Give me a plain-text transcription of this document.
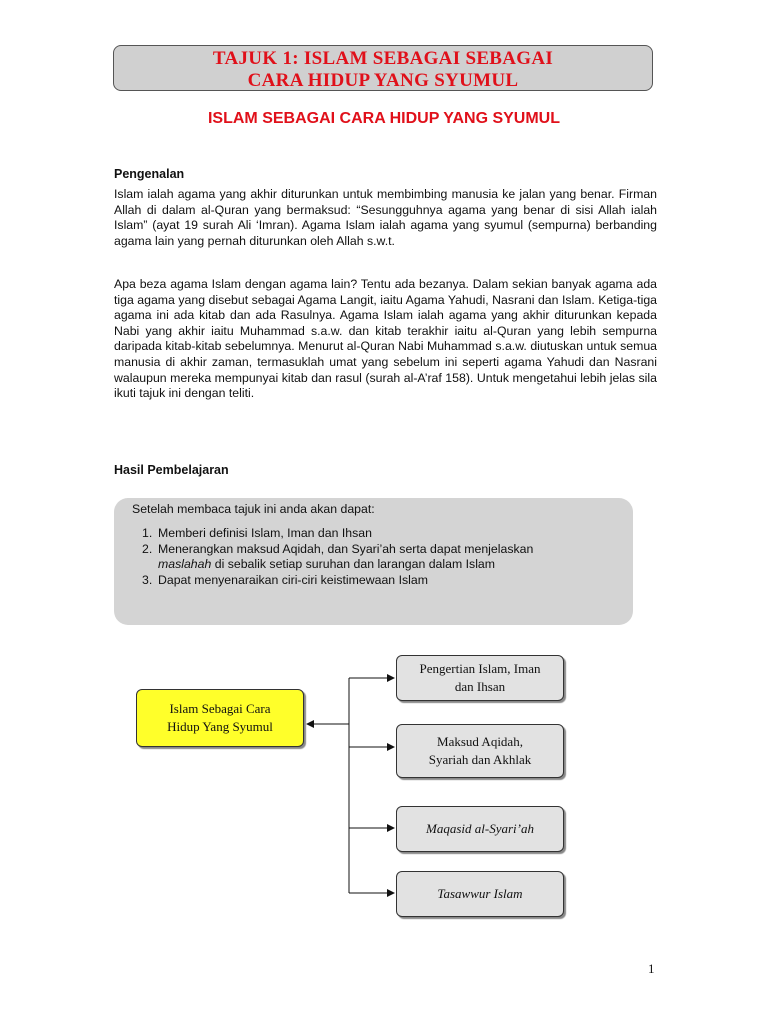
TAJUK 1: ISLAM SEBAGAI SEBAGAI
CARA HIDUP YANG SYUMUL
ISLAM SEBAGAI CARA HIDUP YANG SYUMUL
Pengenalan

Islam ialah agama yang akhir diturunkan untuk membimbing manusia ke jalan yang benar. Firman Allah di dalam al-Quran yang bermaksud: “Sesungguhnya agama yang benar di sisi Allah ialah Islam” (ayat 19 surah Ali ‘Imran). Agama Islam ialah agama yang syumul (sempurna) berbanding agama lain yang pernah diturunkan oleh Allah s.w.t.

Apa beza agama Islam dengan agama lain? Tentu ada bezanya. Dalam sekian banyak agama ada tiga agama yang disebut sebagai Agama Langit, iaitu Agama Yahudi, Nasrani dan Islam. Ketiga-tiga agama ini ada kitab dan ada Rasulnya. Agama Islam ialah agama yang akhir diturunkan kepada Nabi yang akhir iaitu Muhammad s.a.w. dan kitab terakhir iaitu al-Quran yang lebih sempurna daripada kitab-kitab sebelumnya. Menurut al-Quran Nabi Muhammad s.a.w. diutuskan untuk semua manusia di akhir zaman, termasuklah umat yang sebelum ini seperti agama Yahudi dan Nasrani walaupun mereka mempunyai kitab dan rasul (surah al-A’raf 158). Untuk mengetahui lebih jelas sila ikuti tajuk ini dengan teliti.

Hasil Pembelajaran
Setelah membaca tajuk ini anda akan dapat:
1. Memberi definisi Islam, Iman dan Ihsan
2. Menerangkan maksud Aqidah, dan Syari’ah serta dapat menjelaskan
maslahah di sebalik setiap suruhan dan larangan dalam Islam
3. Dapat menyenaraikan ciri-ciri keistimewaan Islam
Islam Sebagai Cara
Hidup Yang Syumul
Pengertian Islam, Iman
dan Ihsan
Maksud Aqidah,
Syariah dan Akhlak
Maqasid al-Syari’ah
Tasawwur Islam
1
